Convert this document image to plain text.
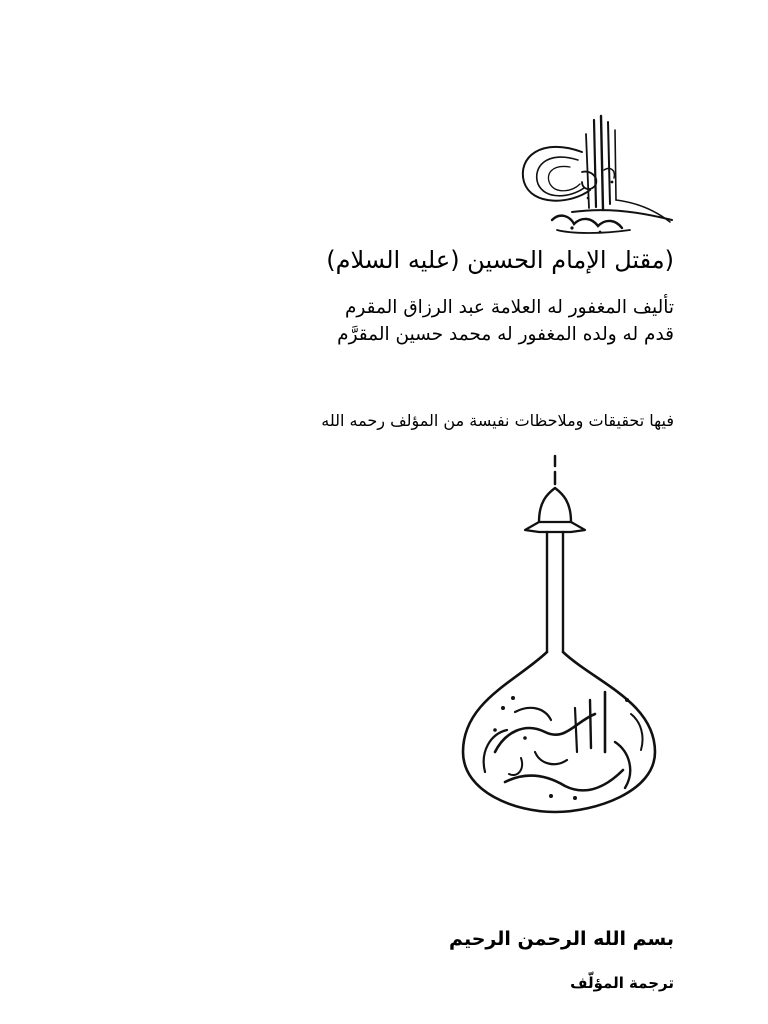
(مقتل الإمام الحسين (عليه السلام)
تأليف المغفور له العلامة عبد الرزاق المقرم
قدم له ولده المغفور له محمد حسين المقرَّم
فيها تحقيقات وملاحظات نفيسة من المؤلف رحمه الله
بسم الله الرحمن الرحيم
ترجمة المؤلّف
